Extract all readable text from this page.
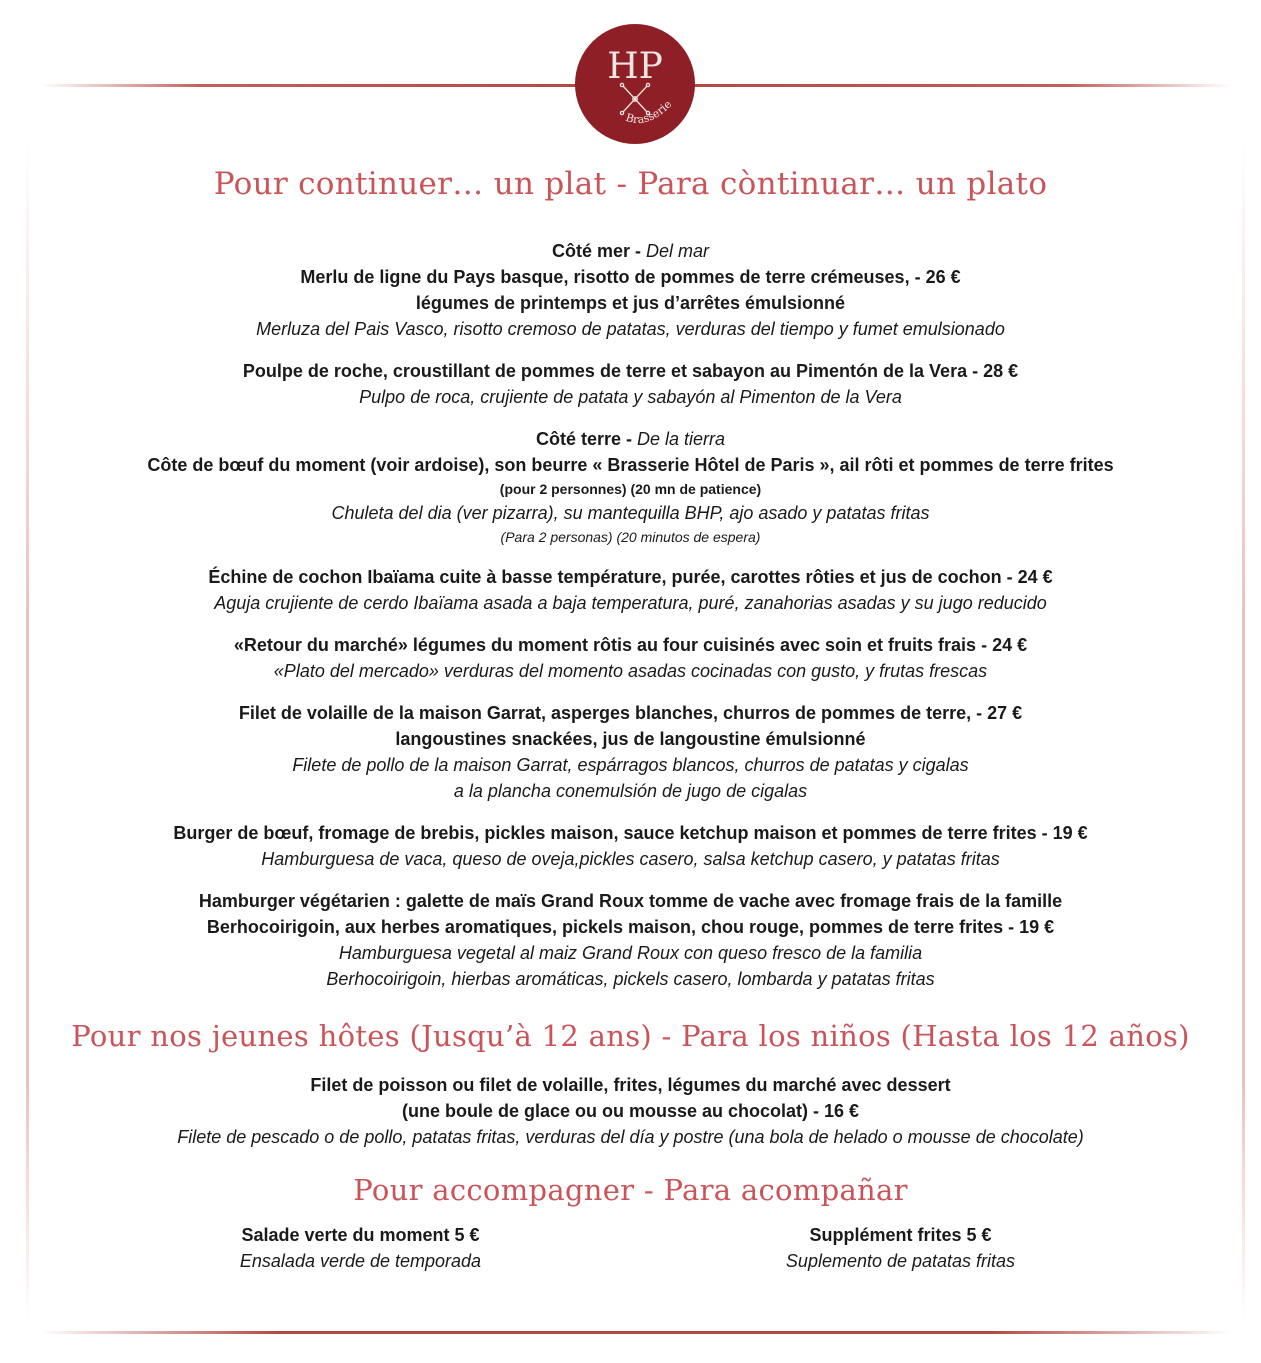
HP
Brasserie
Pour continuer… un plat - Para còntinuar… un plato
Côté mer - Del mar
Merlu de ligne du Pays basque, risotto de pommes de terre crémeuses, - 26 €
légumes de printemps et jus d’arrêtes émulsionné
Merluza del Pais Vasco, risotto cremoso de patatas, verduras del tiempo y fumet emulsionado
Poulpe de roche, croustillant de pommes de terre et sabayon au Pimentón de la Vera - 28 €
Pulpo de roca, crujiente de patata y sabayón al Pimenton de la Vera
Côté terre - De la tierra
Côte de bœuf du moment (voir ardoise), son beurre « Brasserie Hôtel de Paris », ail rôti et pommes de terre frites
(pour 2 personnes) (20 mn de patience)
Chuleta del dia (ver pizarra), su mantequilla BHP, ajo asado y patatas fritas
(Para 2 personas) (20 minutos de espera)
Échine de cochon Ibaïama cuite à basse température, purée, carottes rôties et jus de cochon - 24 €
Aguja crujiente de cerdo Ibaïama asada a baja temperatura, puré, zanahorias asadas y su jugo reducido
«Retour du marché» légumes du moment rôtis au four cuisinés avec soin et fruits frais - 24 €
«Plato del mercado» verduras del momento asadas cocinadas con gusto, y frutas frescas
Filet de volaille de la maison Garrat, asperges blanches, churros de pommes de terre, - 27 €
langoustines snackées, jus de langoustine émulsionné
Filete de pollo de la maison Garrat, espárragos blancos, churros de patatas y cigalas
a la plancha conemulsión de jugo de cigalas
Burger de bœuf, fromage de brebis, pickles maison, sauce ketchup maison et pommes de terre frites - 19 €
Hamburguesa de vaca, queso de oveja,pickles casero, salsa ketchup casero, y patatas fritas
Hamburger végétarien : galette de maïs Grand Roux tomme de vache avec fromage frais de la famille
Berhocoirigoin, aux herbes aromatiques, pickels maison, chou rouge, pommes de terre frites - 19 €
Hamburguesa vegetal al maiz Grand Roux con queso fresco de la familia
Berhocoirigoin, hierbas aromáticas, pickels casero, lombarda y patatas fritas
Pour nos jeunes hôtes (Jusqu’à 12 ans) - Para los niños (Hasta los 12 años)
Filet de poisson ou filet de volaille, frites, légumes du marché avec dessert
(une boule de glace ou ou mousse au chocolat) - 16 €
Filete de pescado o de pollo, patatas fritas, verduras del día y postre (una bola de helado o mousse de chocolate)
Pour accompagner - Para acompañar
Salade verte du moment 5 €
Ensalada verde de temporada
Supplément frites 5 €
Suplemento de patatas fritas
